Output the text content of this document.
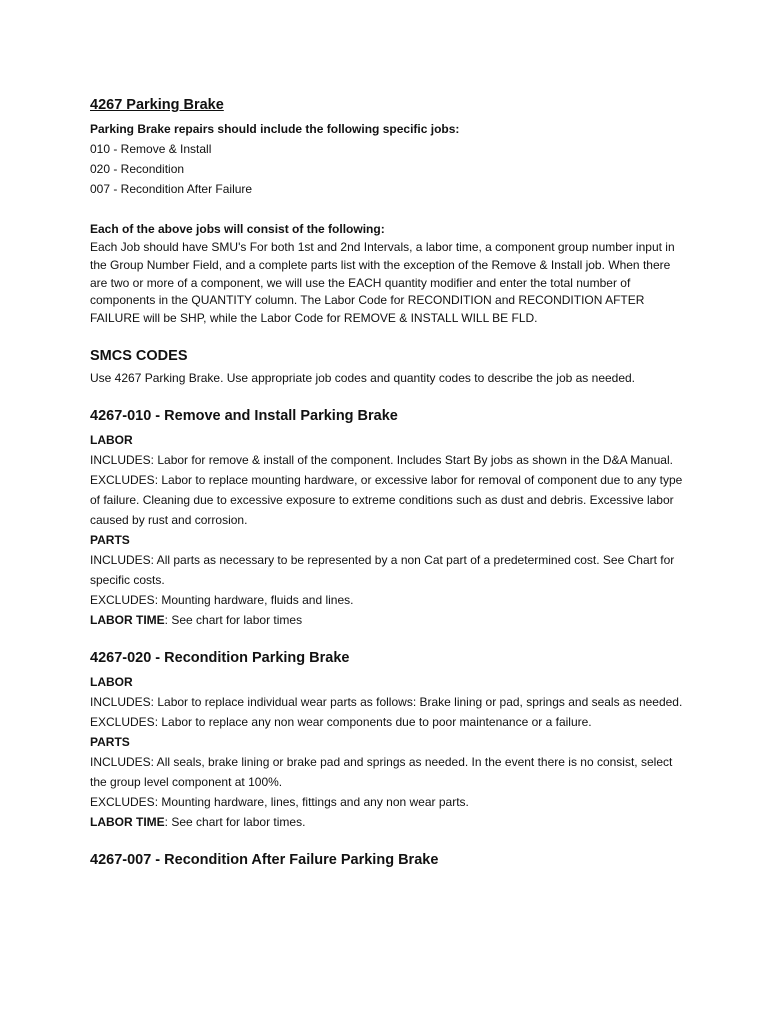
4267 Parking Brake
Parking Brake repairs should include the following specific jobs:
010 - Remove & Install
020 - Recondition
007 - Recondition After Failure
Each of the above jobs will consist of the following:
Each Job should have SMU's For both 1st and 2nd Intervals, a labor time, a component group number input in the Group Number Field, and a complete parts list with the exception of the Remove & Install job. When there are two or more of a component, we will use the EACH quantity modifier and enter the total number of components in the QUANTITY column. The Labor Code for RECONDITION and RECONDITION AFTER FAILURE will be SHP, while the Labor Code for REMOVE & INSTALL WILL BE FLD.
SMCS CODES
Use 4267 Parking Brake. Use appropriate job codes and quantity codes to describe the job as needed.
4267-010 - Remove and Install Parking Brake
LABOR
INCLUDES: Labor for remove & install of the component. Includes Start By jobs as shown in the D&A Manual.
EXCLUDES: Labor to replace mounting hardware, or excessive labor for removal of component due to any type of failure. Cleaning due to excessive exposure to extreme conditions such as dust and debris. Excessive labor caused by rust and corrosion.
PARTS
INCLUDES: All parts as necessary to be represented by a non Cat part of a predetermined cost. See Chart for specific costs.
EXCLUDES: Mounting hardware, fluids and lines.
LABOR TIME: See chart for labor times
4267-020 - Recondition Parking Brake
LABOR
INCLUDES: Labor to replace individual wear parts as follows: Brake lining or pad, springs and seals as needed.
EXCLUDES: Labor to replace any non wear components due to poor maintenance or a failure.
PARTS
INCLUDES: All seals, brake lining or brake pad and springs as needed. In the event there is no consist, select the group level component at 100%.
EXCLUDES: Mounting hardware, lines, fittings and any non wear parts.
LABOR TIME: See chart for labor times.
4267-007 - Recondition After Failure Parking Brake
